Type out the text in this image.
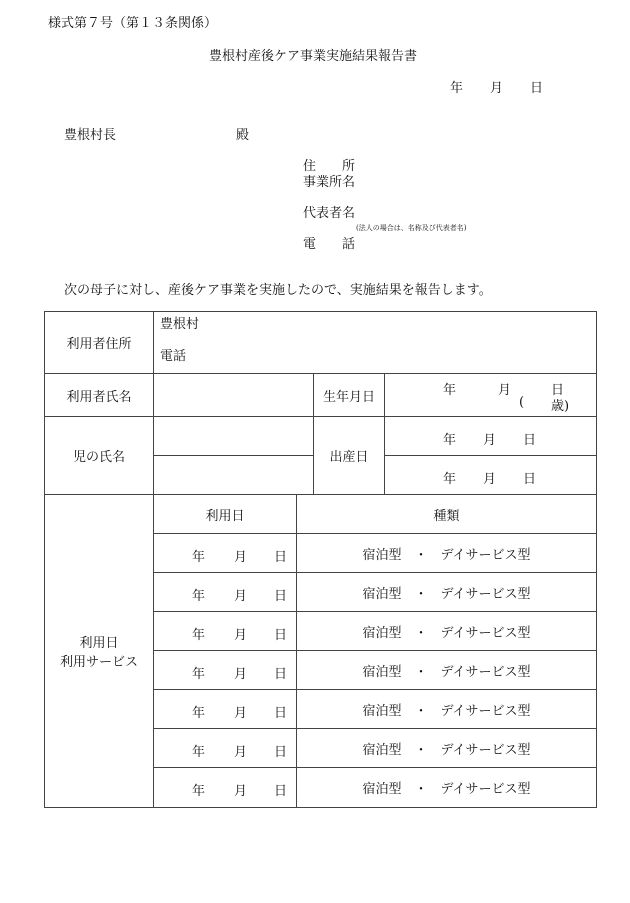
様式第７号（第１３条関係）
豊根村産後ケア事業実施結果報告書
年 月 日
豊根村長	殿
住　　所
事業所名
代表者名
(法人の場合は、名称及び代表者名)
電　　話
次の母子に対し、産後ケア事業を実施したので、実施結果を報告します。
利用者住所	豊根村
電話			

利用者氏名			生年月日	年 月 日
( 歳)

児の氏名			出産日	年 月 日

				年 月 日

利用日
利用サービス	利用日	種類		

	年 月 日	宿泊型　・　デイサービス型		

	年 月 日	宿泊型　・　デイサービス型		

	年 月 日	宿泊型　・　デイサービス型		

	年 月 日	宿泊型　・　デイサービス型		

	年 月 日	宿泊型　・　デイサービス型		

	年 月 日	宿泊型　・　デイサービス型		

	年 月 日	宿泊型　・　デイサービス型		
